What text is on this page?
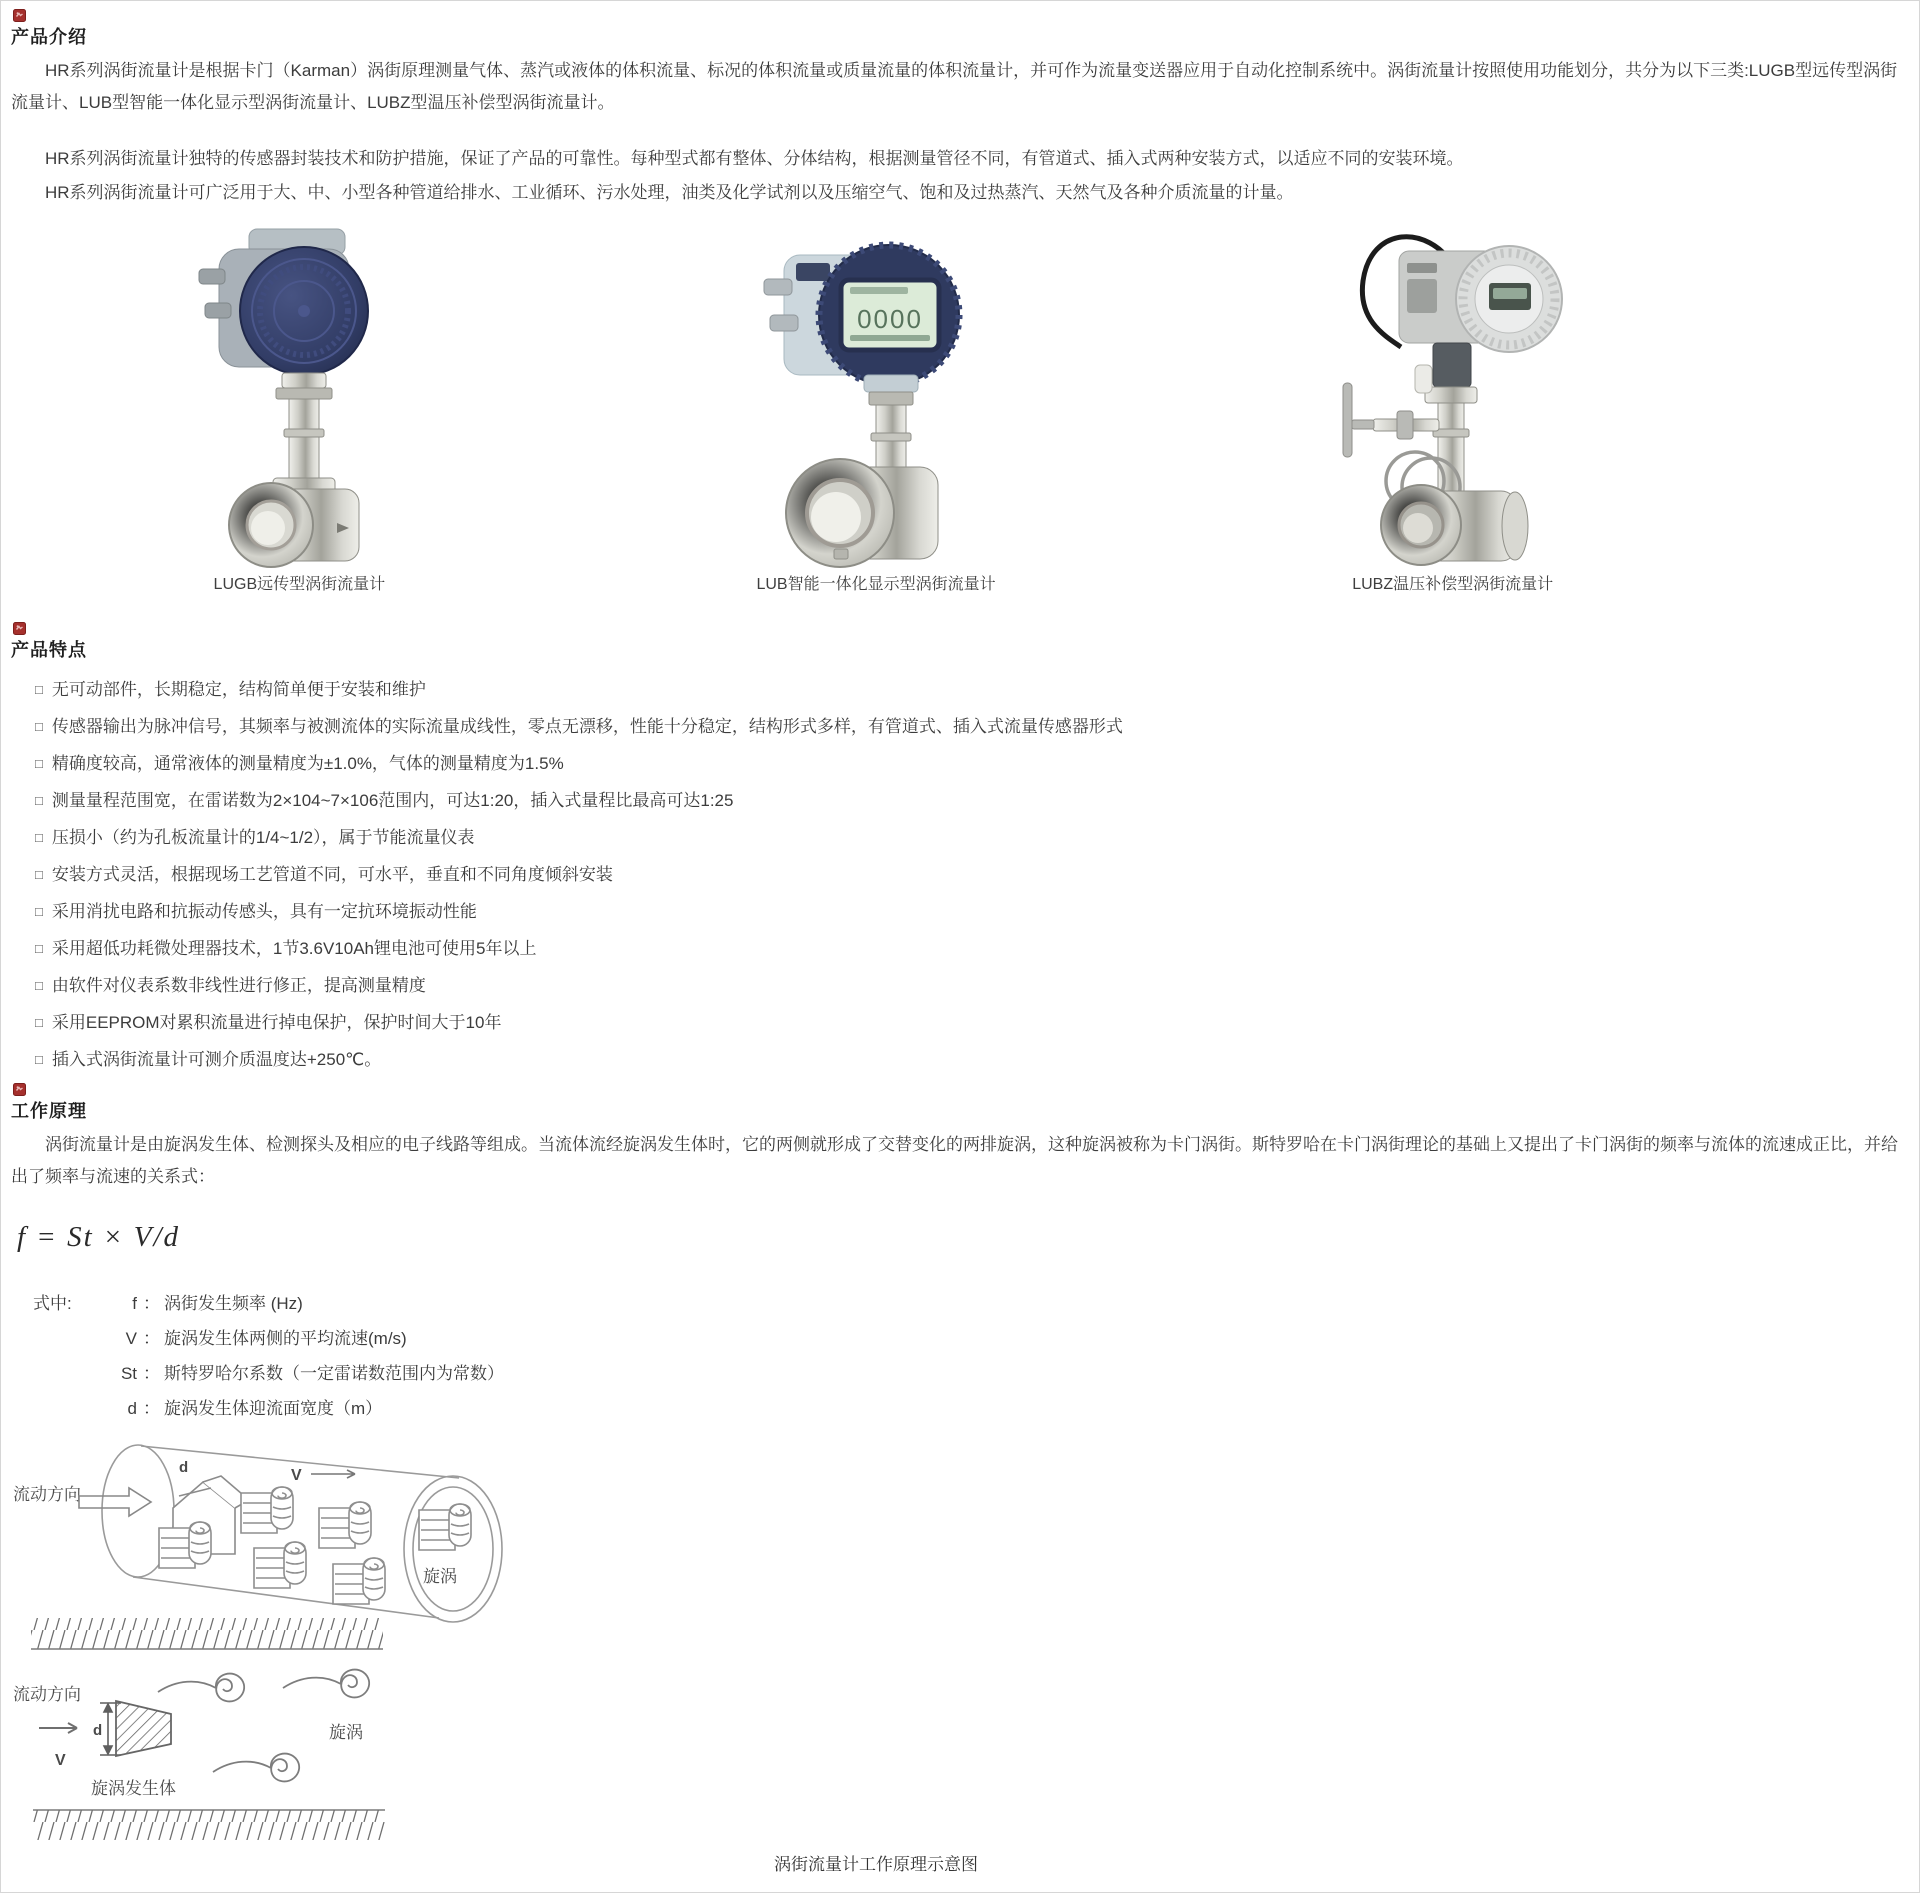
产品介绍

HR系列涡街流量计是根据卡门（Karman）涡街原理测量气体、蒸汽或液体的体积流量、标况的体积流量或质量流量的体积流量计，并可作为流量变送器应用于自动化控制系统中。涡街流量计按照使用功能划分，共分为以下三类:LUGB型远传型涡街流量计、LUB型智能一体化显示型涡街流量计、LUBZ型温压补偿型涡街流量计。

HR系列涡街流量计独特的传感器封装技术和防护措施，保证了产品的可靠性。每种型式都有整体、分体结构，根据测量管径不同，有管道式、插入式两种安装方式，以适应不同的安装环境。

HR系列涡街流量计可广泛用于大、中、小型各种管道给排水、工业循环、污水处理，油类及化学试剂以及压缩空气、饱和及过热蒸汽、天然气及各种介质流量的计量。

LUGB远传型涡街流量计
0000
LUB智能一体化显示型涡街流量计	LUBZ温压补偿型涡街流量计
产品特点
□ 无可动部件，长期稳定，结构简单便于安装和维护
□ 传感器输出为脉冲信号，其频率与被测流体的实际流量成线性，零点无漂移，性能十分稳定，结构形式多样，有管道式、插入式流量传感器形式
□ 精确度较高，通常液体的测量精度为±1.0%，气体的测量精度为1.5%
□ 测量量程范围宽，在雷诺数为2×104~7×106范围内，可达1:20，插入式量程比最高可达1:25
□ 压损小（约为孔板流量计的1/4~1/2），属于节能流量仪表
□ 安装方式灵活，根据现场工艺管道不同，可水平，垂直和不同角度倾斜安装
□ 采用消扰电路和抗振动传感头，具有一定抗环境振动性能
□ 采用超低功耗微处理器技术，1节3.6V10Ah锂电池可使用5年以上
□ 由软件对仪表系数非线性进行修正，提高测量精度
□ 采用EEPROM对累积流量进行掉电保护，保护时间大于10年
□ 插入式涡街流量计可测介质温度达+250℃。
工作原理

涡街流量计是由旋涡发生体、检测探头及相应的电子线路等组成。当流体流经旋涡发生体时，它的两侧就形成了交替变化的两排旋涡，这种旋涡被称为卡门涡街。斯特罗哈在卡门涡街理论的基础上又提出了卡门涡街的频率与流体的流速成正比，并给出了频率与流速的关系式：

f = St × V/d
式中:	f ： 涡街发生频率 (Hz)
V ： 旋涡发生体两侧的平均流速(m/s)
St ： 斯特罗哈尔系数（一定雷诺数范围内为常数）
d ： 旋涡发生体迎流面宽度（m）
流动方向
d	V
旋涡
流动方向
V
d
旋涡发生体
旋涡
涡街流量计工作原理示意图
